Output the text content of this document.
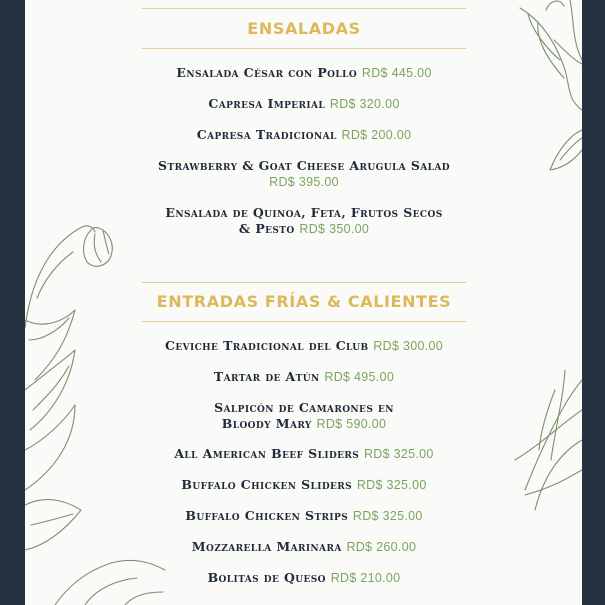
ENSALADAS
Ensalada César con Pollo RD$ 445.00
Capresa Imperial RD$ 320.00
Capresa Tradicional RD$ 200.00
Strawberry & Goat Cheese Arugula Salad RD$ 395.00
Ensalada de Quinoa, Feta, Frutos Secos & Pesto RD$ 350.00
ENTRADAS FRÍAS & CALIENTES
Ceviche Tradicional del Club RD$ 300.00
Tartar de Atún RD$ 495.00
Salpicón de Camarones en Bloody Mary RD$ 590.00
All American Beef Sliders RD$ 325.00
Buffalo Chicken Sliders RD$ 325.00
Buffalo Chicken Strips RD$ 325.00
Mozzarella Marinara RD$ 260.00
Bolitas de Queso RD$ 210.00
